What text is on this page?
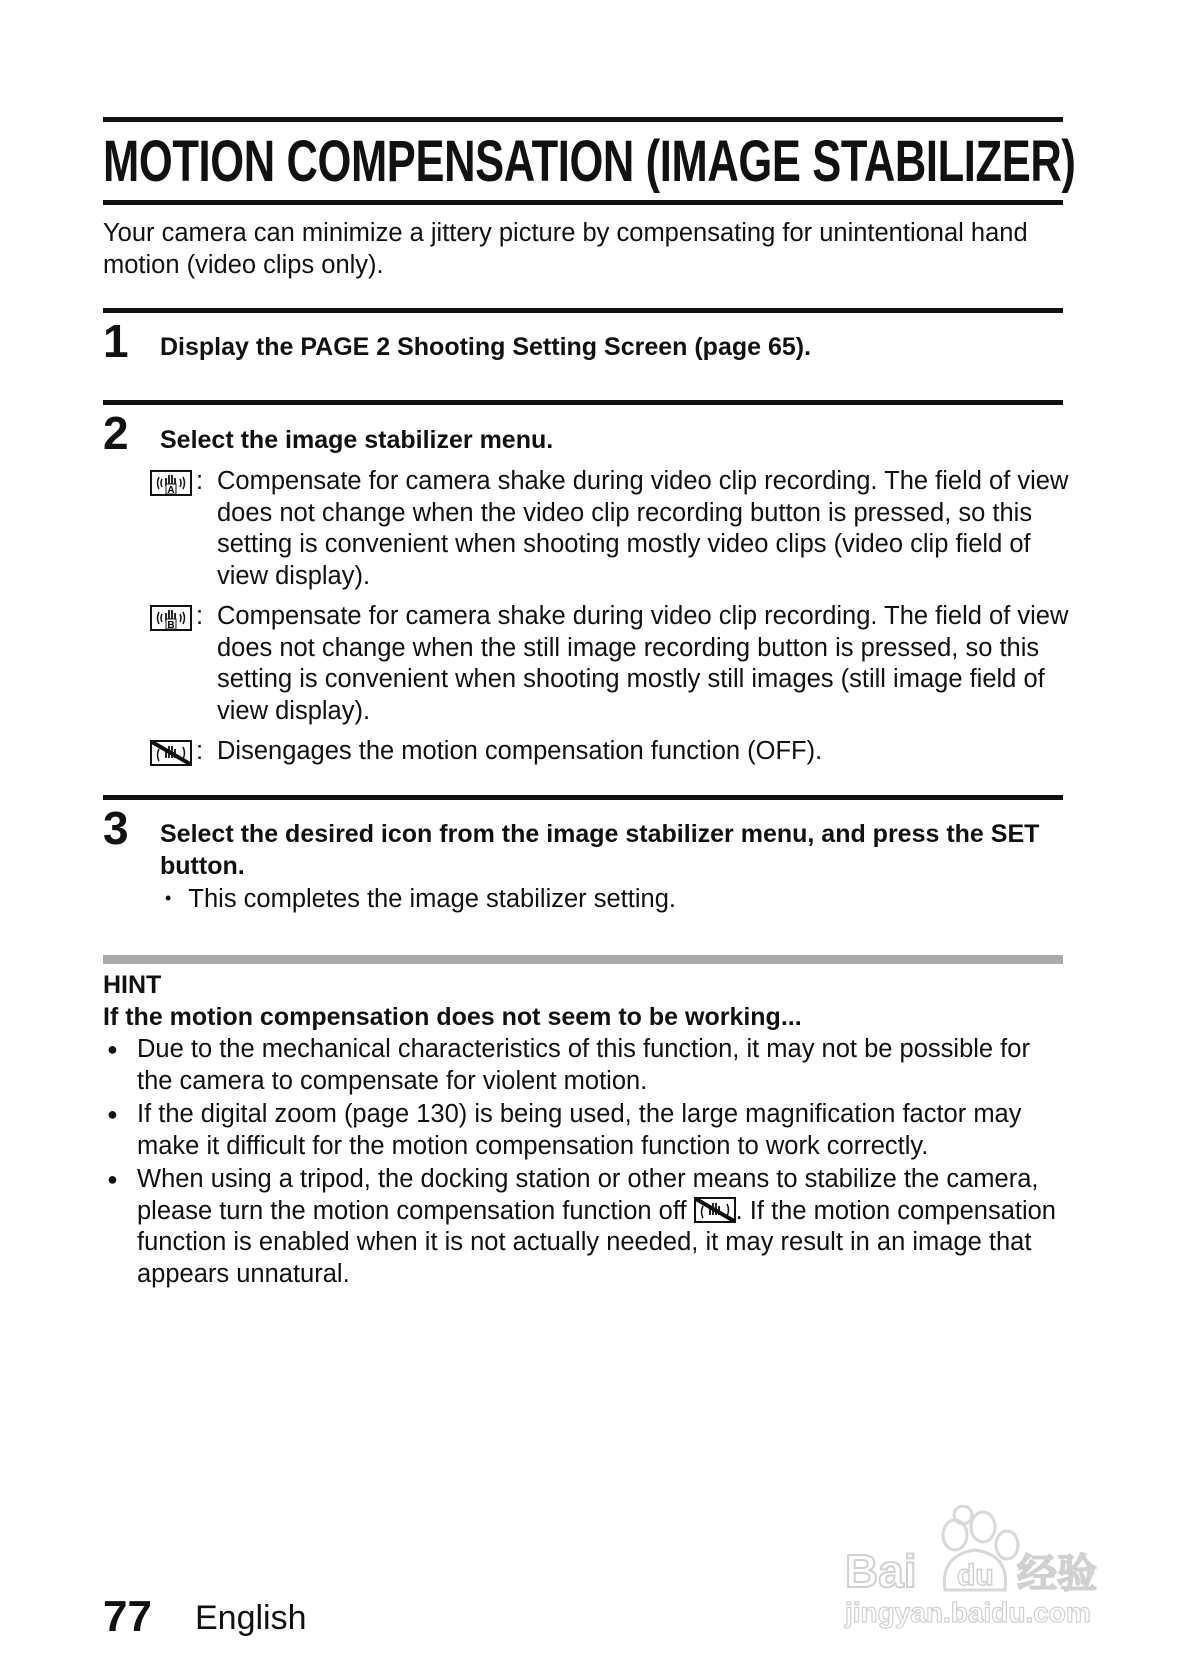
MOTION COMPENSATION (IMAGE STABILIZER)
Your camera can minimize a jittery picture by compensating for unintentional hand motion (video clips only).
1 Display the PAGE 2 Shooting Setting Screen (page 65).
2 Select the image stabilizer menu.
A : Compensate for camera shake during video clip recording. The field of view does not change when the video clip recording button is pressed, so this setting is convenient when shooting mostly video clips (video clip field of view display).
B : Compensate for camera shake during video clip recording. The field of view does not change when the still image recording button is pressed, so this setting is convenient when shooting mostly still images (still image field of view display).
: Disengages the motion compensation function (OFF).
3 Select the desired icon from the image stabilizer menu, and press the SET button.
• This completes the image stabilizer setting.
HINT
If the motion compensation does not seem to be working...
● Due to the mechanical characteristics of this function, it may not be possible for the camera to compensate for violent motion.
● If the digital zoom (page 130) is being used, the large magnification factor may make it difficult for the motion compensation function to work correctly.
● When using a tripod, the docking station or other means to stabilize the camera, please turn the motion compensation function off . If the motion compensation function is enabled when it is not actually needed, it may result in an image that appears unnatural.
Bai du 经验
jingyan.baidu.com
77 English
